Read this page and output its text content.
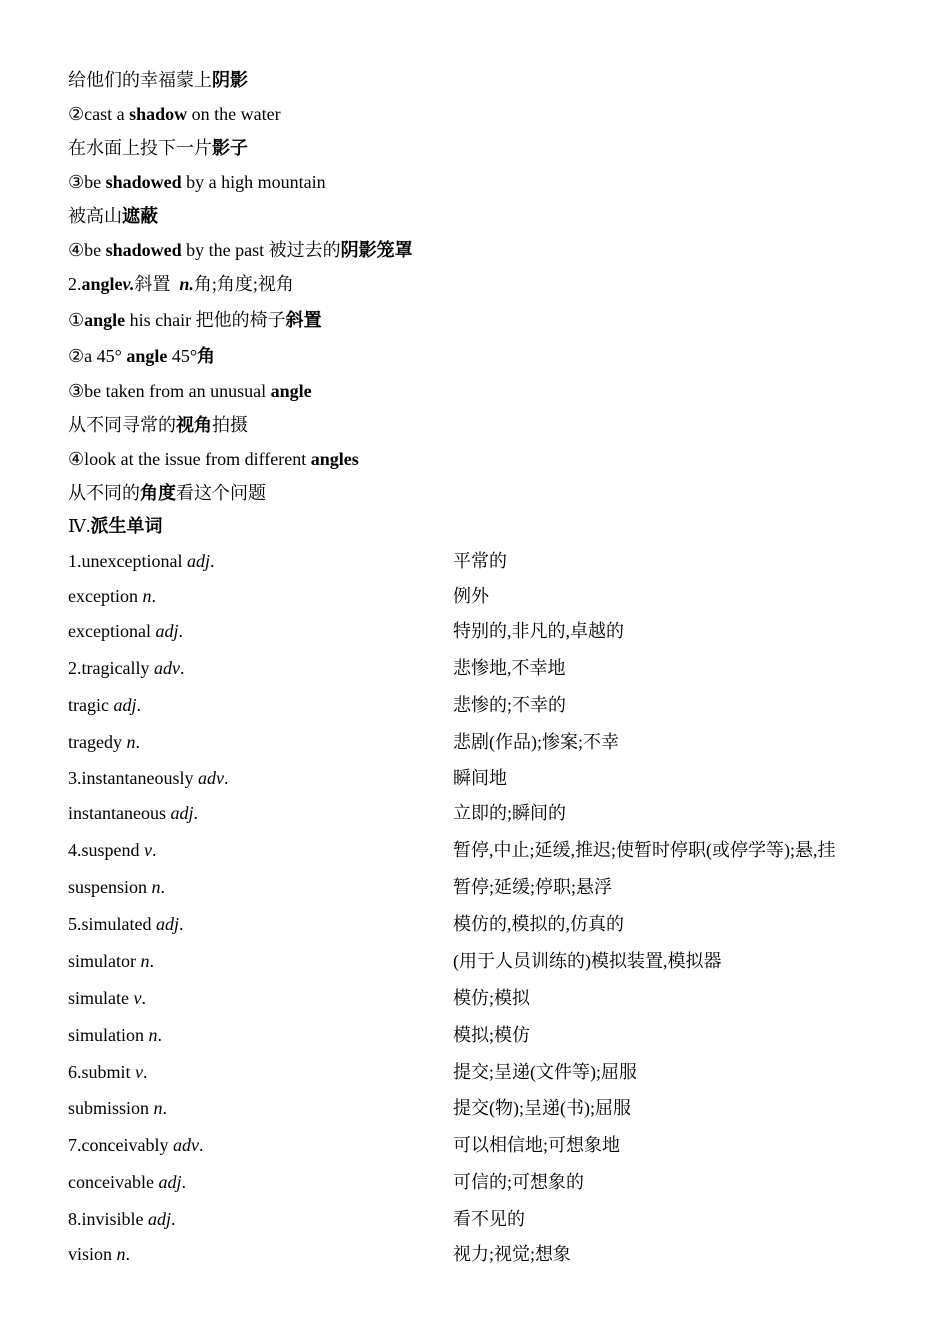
给他们的幸福蒙上阴影
②cast a shadow on the water
在水面上投下一片影子
③be shadowed by a high mountain
被高山遮蔽
④be shadowed by the past 被过去的阴影笼罩
2.anglev.斜置  n.角;角度;视角
①angle his chair 把他的椅子斜置
②a 45° angle 45°角
③be taken from an unusual angle
从不同寻常的视角拍摄
④look at the issue from different angles
从不同的角度看这个问题
Ⅳ.派生单词
1.unexceptional adj.	平常的
exception n.	例外
exceptional adj.	特别的,非凡的,卓越的
2.tragically adv.	悲惨地,不幸地
tragic adj.	悲惨的;不幸的
tragedy n.	悲剧(作品);惨案;不幸
3.instantaneously adv.	瞬间地
instantaneous adj.	立即的;瞬间的
4.suspend v.	暂停,中止;延缓,推迟;使暂时停职(或停学等);悬,挂
suspension n.	暂停;延缓;停职;悬浮
5.simulated adj.	模仿的,模拟的,仿真的
simulator n.	(用于人员训练的)模拟装置,模拟器
simulate v.	模仿;模拟
simulation n.	模拟;模仿
6.submit v.	提交;呈递(文件等);屈服
submission n.	提交(物);呈递(书);屈服
7.conceivably adv.	可以相信地;可想象地
conceivable adj.	可信的;可想象的
8.invisible adj.	看不见的
vision n.	视力;视觉;想象
